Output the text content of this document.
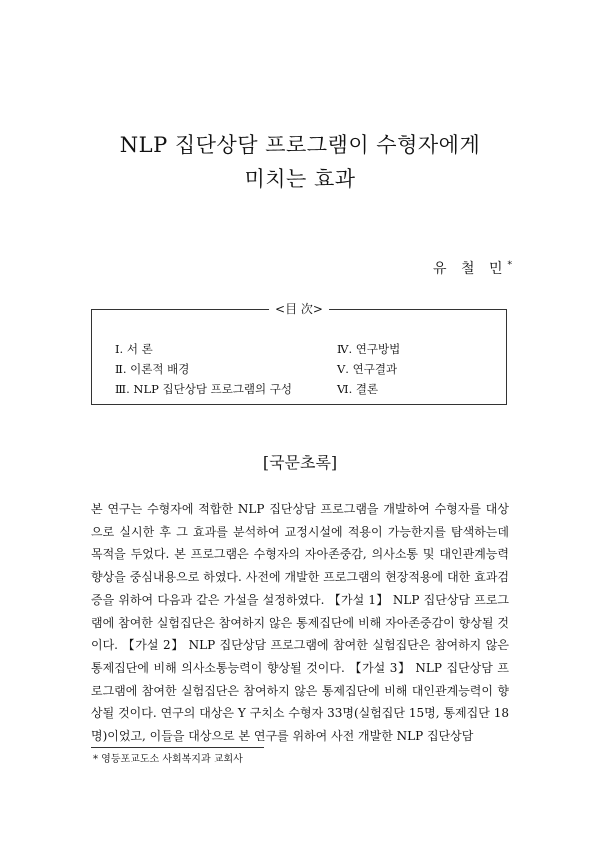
NLP 집단상담 프로그램이 수형자에게
미치는 효과
유 철 민*
<目 次>
Ⅰ. 서 론
Ⅱ. 이론적 배경
Ⅲ. NLP 집단상담 프로그램의 구성
Ⅳ. 연구방법
Ⅴ. 연구결과
Ⅵ. 결론
[국문초록]
본 연구는 수형자에 적합한 NLP 집단상담 프로그램을 개발하여 수형자를 대상으로 실시한 후 그 효과를 분석하여 교정시설에 적용이 가능한지를 탐색하는데 목적을 두었다. 본 프로그램은 수형자의 자아존중감, 의사소통 및 대인관계능력향상을 중심내용으로 하였다. 사전에 개발한 프로그램의 현장적용에 대한 효과검증을 위하여 다음과 같은 가설을 설정하였다. 【가설 1】 NLP 집단상담 프로그램에 참여한 실험집단은 참여하지 않은 통제집단에 비해 자아존중감이 향상될 것이다. 【가설 2】 NLP 집단상담 프로그램에 참여한 실험집단은 참여하지 않은 통제집단에 비해 의사소통능력이 향상될 것이다. 【가설 3】 NLP 집단상담 프로그램에 참여한 실험집단은 참여하지 않은 통제집단에 비해 대인관계능력이 향상될 것이다. 연구의 대상은 Y 구치소 수형자 33명(실험집단 15명, 통제집단 18명)이었고, 이들을 대상으로 본 연구를 위하여 사전 개발한 NLP 집단상담
* 영등포교도소 사회복지과 교회사
